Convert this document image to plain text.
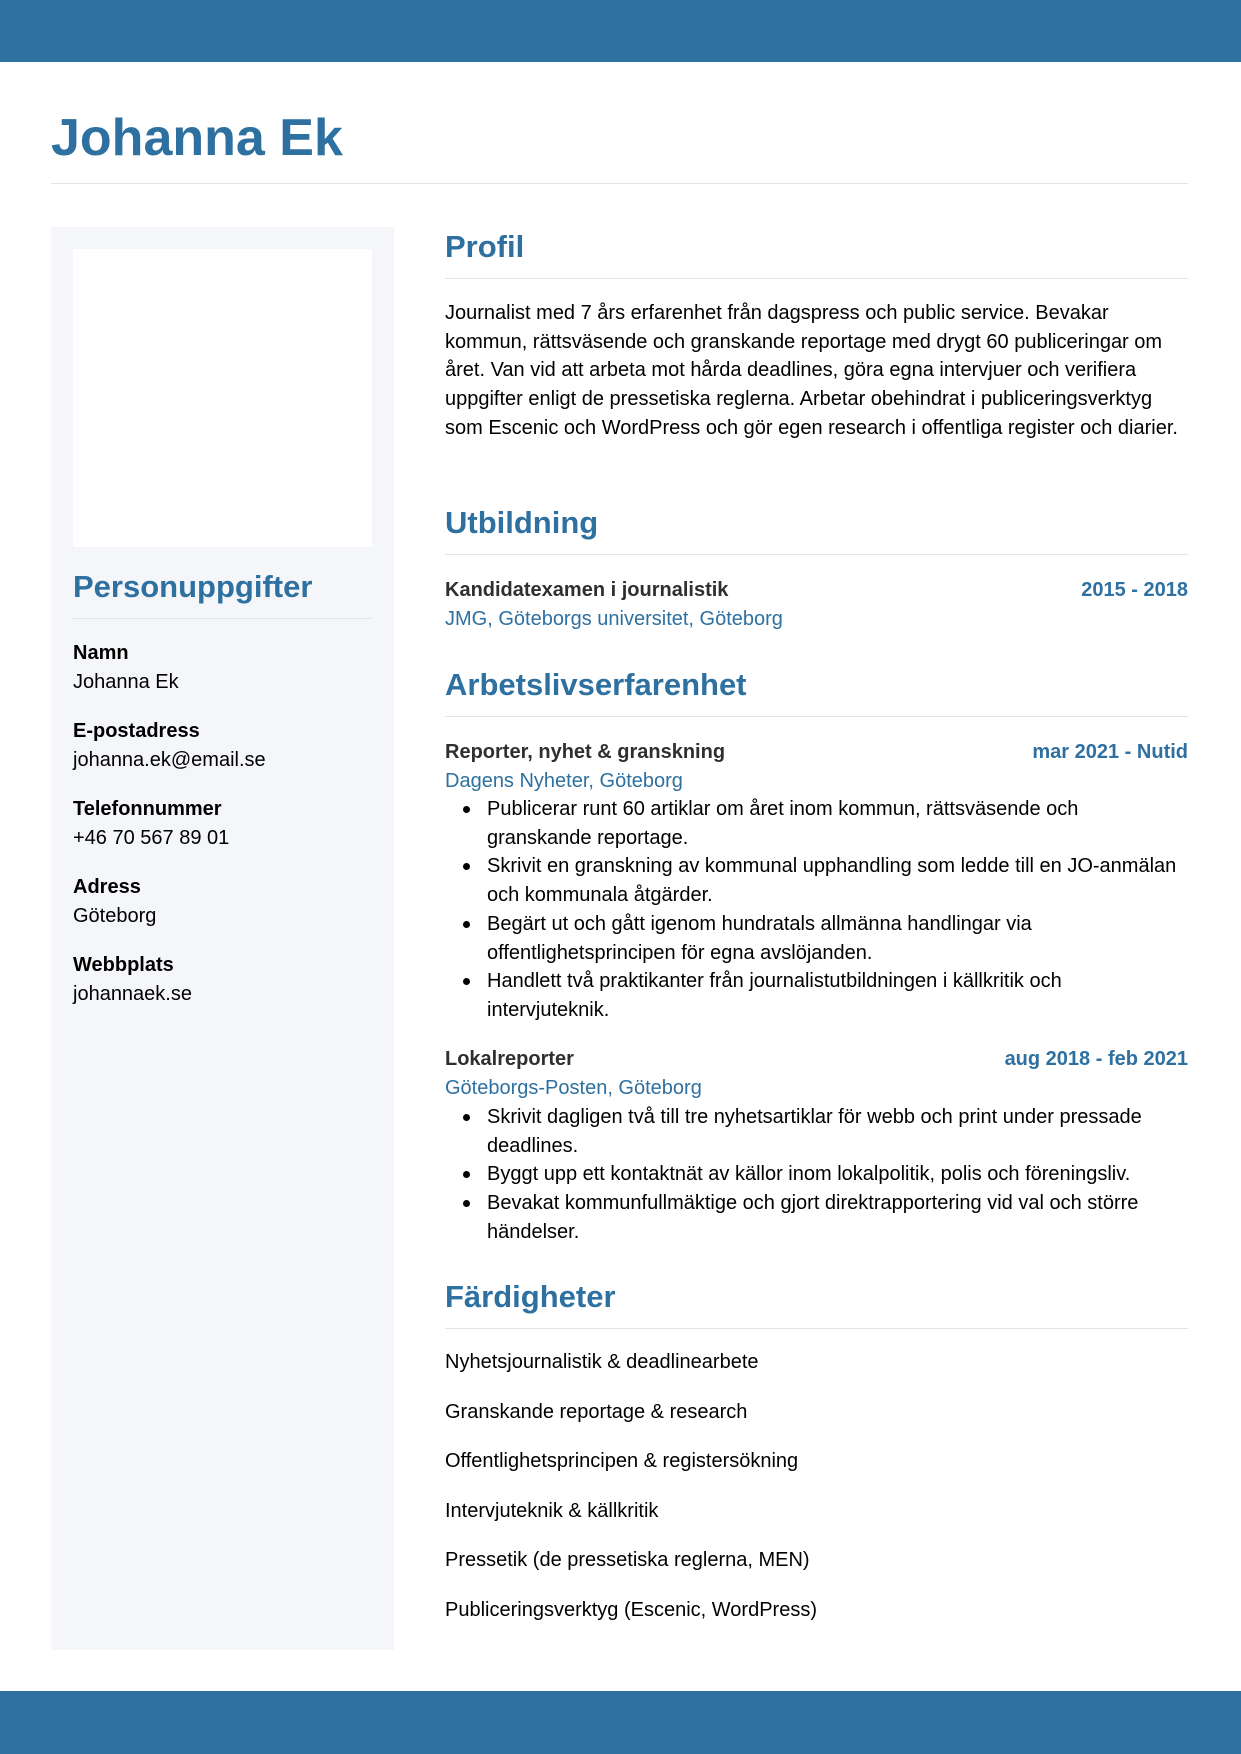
Johanna Ek
Personuppgifter
Namn
Johanna Ek
E-postadress
johanna.ek@email.se
Telefonnummer
+46 70 567 89 01
Adress
Göteborg
Webbplats
johannaek.se
Profil

Journalist med 7 års erfarenhet från dagspress och public service. Bevakar kommun, rättsväsende och granskande reportage med drygt 60 publiceringar om året. Van vid att arbeta mot hårda deadlines, göra egna intervjuer och verifiera uppgifter enligt de pressetiska reglerna. Arbetar obehindrat i publiceringsverktyg som Escenic och WordPress och gör egen research i offentliga register och diarier.

Utbildning
Kandidatexamen i journalistik	2015 - 2018
JMG, Göteborgs universitet, Göteborg
Arbetslivserfarenhet
Reporter, nyhet & granskning	mar 2021 - Nutid
Dagens Nyheter, Göteborg
Publicerar runt 60 artiklar om året inom kommun, rättsväsende och granskande reportage.
Skrivit en granskning av kommunal upphandling som ledde till en JO-anmälan och kommunala åtgärder.
Begärt ut och gått igenom hundratals allmänna handlingar via offentlighetsprincipen för egna avslöjanden.
Handlett två praktikanter från journalistutbildningen i källkritik och intervjuteknik.
Lokalreporter	aug 2018 - feb 2021
Göteborgs-Posten, Göteborg
Skrivit dagligen två till tre nyhetsartiklar för webb och print under pressade deadlines.
Byggt upp ett kontaktnät av källor inom lokalpolitik, polis och föreningsliv.
Bevakat kommunfullmäktige och gjort direktrapportering vid val och större händelser.
Färdigheter
Nyhetsjournalistik & deadlinearbete
Granskande reportage & research
Offentlighetsprincipen & registersökning
Intervjuteknik & källkritik
Pressetik (de pressetiska reglerna, MEN)
Publiceringsverktyg (Escenic, WordPress)
